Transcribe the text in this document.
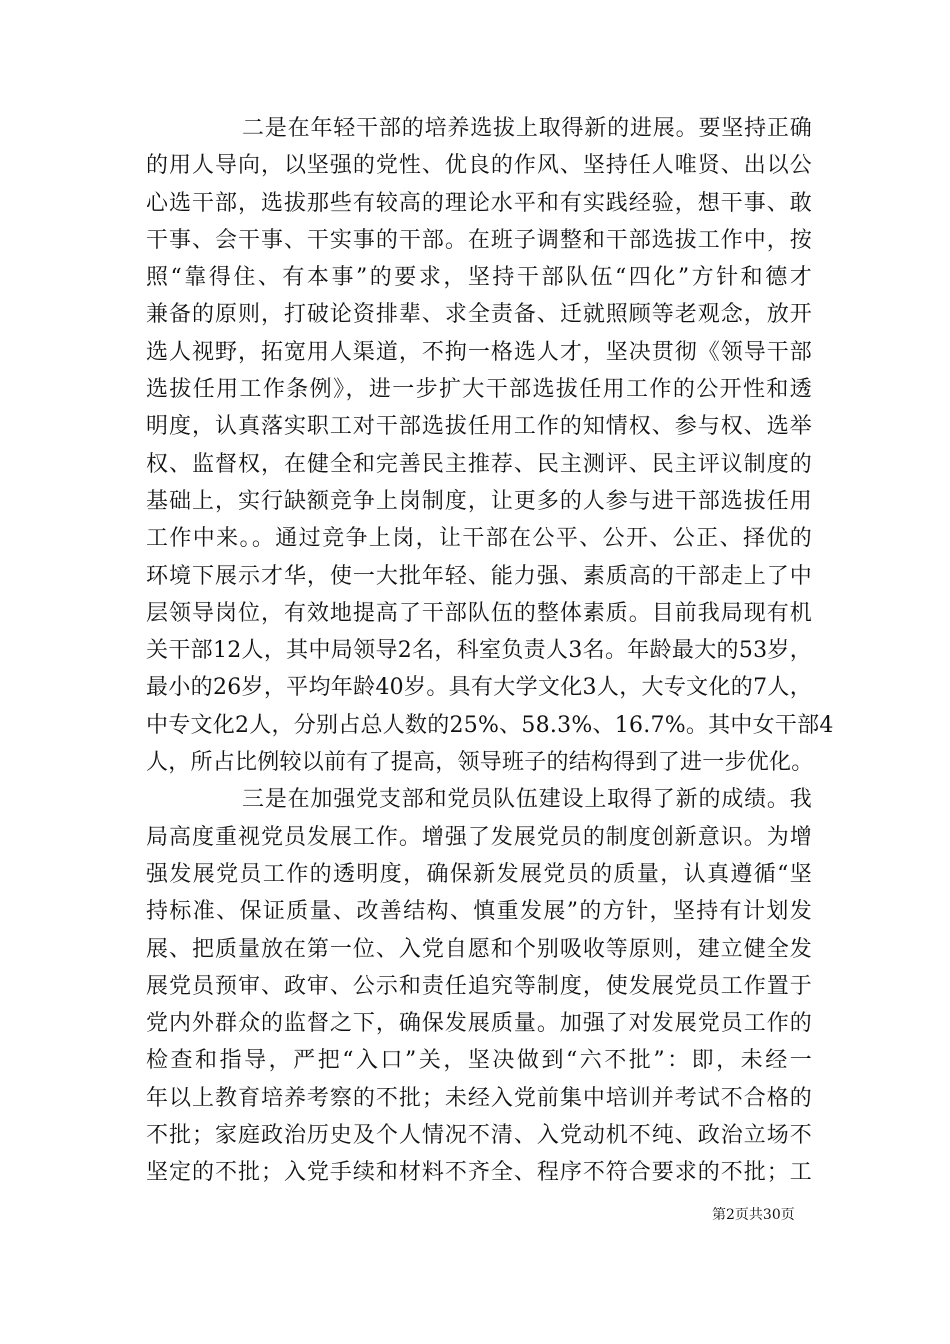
二是在年轻干部的培养选拔上取得新的进展。要坚持正确
的用人导向，以坚强的党性、优良的作风、坚持任人唯贤、出以公
心选干部，选拔那些有较高的理论水平和有实践经验，想干事、敢
干事、会干事、干实事的干部。在班子调整和干部选拔工作中，按
照“靠得住、有本事”的要求，坚持干部队伍“四化”方针和德才
兼备的原则，打破论资排辈、求全责备、迁就照顾等老观念，放开
选人视野，拓宽用人渠道，不拘一格选人才，坚决贯彻《领导干部
选拔任用工作条例》，进一步扩大干部选拔任用工作的公开性和透
明度，认真落实职工对干部选拔任用工作的知情权、参与权、选举
权、监督权，在健全和完善民主推荐、民主测评、民主评议制度的
基础上，实行缺额竞争上岗制度，让更多的人参与进干部选拔任用
工作中来。。通过竞争上岗，让干部在公平、公开、公正、择优的
环境下展示才华，使一大批年轻、能力强、素质高的干部走上了中
层领导岗位，有效地提高了干部队伍的整体素质。目前我局现有机
关干部12人，其中局领导2名，科室负责人3名。年龄最大的53岁，
最小的26岁，平均年龄40岁。具有大学文化3人，大专文化的7人，
中专文化2人，分别占总人数的25%、58.3%、16.7%。其中女干部4
人，所占比例较以前有了提高，领导班子的结构得到了进一步优化。
三是在加强党支部和党员队伍建设上取得了新的成绩。我
局高度重视党员发展工作。增强了发展党员的制度创新意识。为增
强发展党员工作的透明度，确保新发展党员的质量，认真遵循“坚
持标准、保证质量、改善结构、慎重发展”的方针，坚持有计划发
展、把质量放在第一位、入党自愿和个别吸收等原则，建立健全发
展党员预审、政审、公示和责任追究等制度，使发展党员工作置于
党内外群众的监督之下，确保发展质量。加强了对发展党员工作的
检查和指导，严把“入口”关，坚决做到“六不批”：即，未经一
年以上教育培养考察的不批；未经入党前集中培训并考试不合格的
不批；家庭政治历史及个人情况不清、入党动机不纯、政治立场不
坚定的不批；入党手续和材料不齐全、程序不符合要求的不批；工
第2页共30页
